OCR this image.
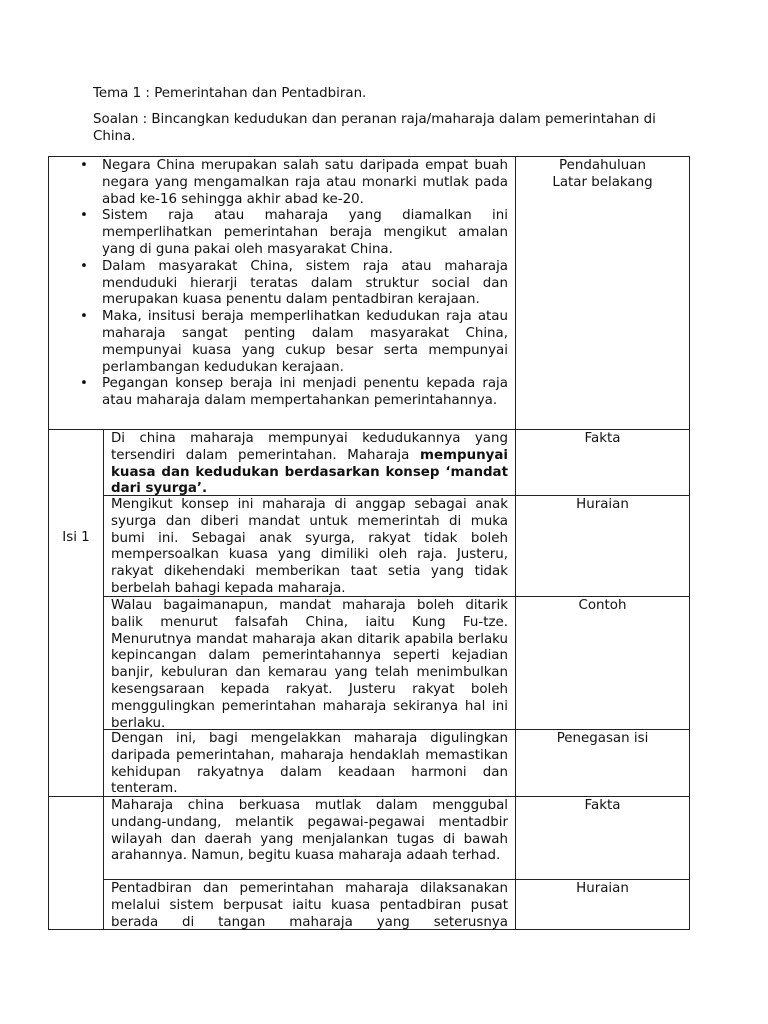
Tema 1 : Pemerintahan dan Pentadbiran.
Soalan : Bincangkan kedudukan dan peranan raja/maharaja dalam pemerintahan di China.
• Negara China merupakan salah satu daripada empat buah negara yang mengamalkan raja atau monarki mutlak pada abad ke-16 sehingga akhir abad ke-20.
• Sistem raja atau maharaja yang diamalkan ini memperlihatkan pemerintahan beraja mengikut amalan yang di guna pakai oleh masyarakat China.
• Dalam masyarakat China, sistem raja atau maharaja menduduki hierarji teratas dalam struktur social dan merupakan kuasa penentu dalam pentadbiran kerajaan.
• Maka, insitusi beraja memperlihatkan kedudukan raja atau maharaja sangat penting dalam masyarakat China, mempunyai kuasa yang cukup besar serta mempunyai perlambangan kedudukan kerajaan.
• Pegangan konsep beraja ini menjadi penentu kepada raja atau maharaja dalam mempertahankan pemerintahannya.
Pendahuluan
Latar belakang
Isi 1
Di china maharaja mempunyai kedudukannya yang tersendiri dalam pemerintahan. Maharaja mempunyai kuasa dan kedudukan berdasarkan konsep ‘mandat dari syurga’.
Fakta
Mengikut konsep ini maharaja di anggap sebagai anak syurga dan diberi mandat untuk memerintah di muka bumi ini. Sebagai anak syurga, rakyat tidak boleh mempersoalkan kuasa yang dimiliki oleh raja. Justeru, rakyat dikehendaki memberikan taat setia yang tidak berbelah bahagi kepada maharaja.
Huraian
Walau bagaimanapun, mandat maharaja boleh ditarik balik menurut falsafah China, iaitu Kung Fu-tze. Menurutnya mandat maharaja akan ditarik apabila berlaku kepincangan dalam pemerintahannya seperti kejadian banjir, kebuluran dan kemarau yang telah menimbulkan kesengsaraan kepada rakyat. Justeru rakyat boleh menggulingkan pemerintahan maharaja sekiranya hal ini berlaku.
Contoh
Dengan ini, bagi mengelakkan maharaja digulingkan daripada pemerintahan, maharaja hendaklah memastikan kehidupan rakyatnya dalam keadaan harmoni dan tenteram.
Penegasan isi
Maharaja china berkuasa mutlak dalam menggubal undang-undang, melantik pegawai-pegawai mentadbir wilayah dan daerah yang menjalankan tugas di bawah arahannya. Namun, begitu kuasa maharaja adaah terhad.
Fakta
Pentadbiran dan pemerintahan maharaja dilaksanakan melalui sistem berpusat iaitu kuasa pentadbiran pusat berada di tangan maharaja yang seterusnya
Huraian
